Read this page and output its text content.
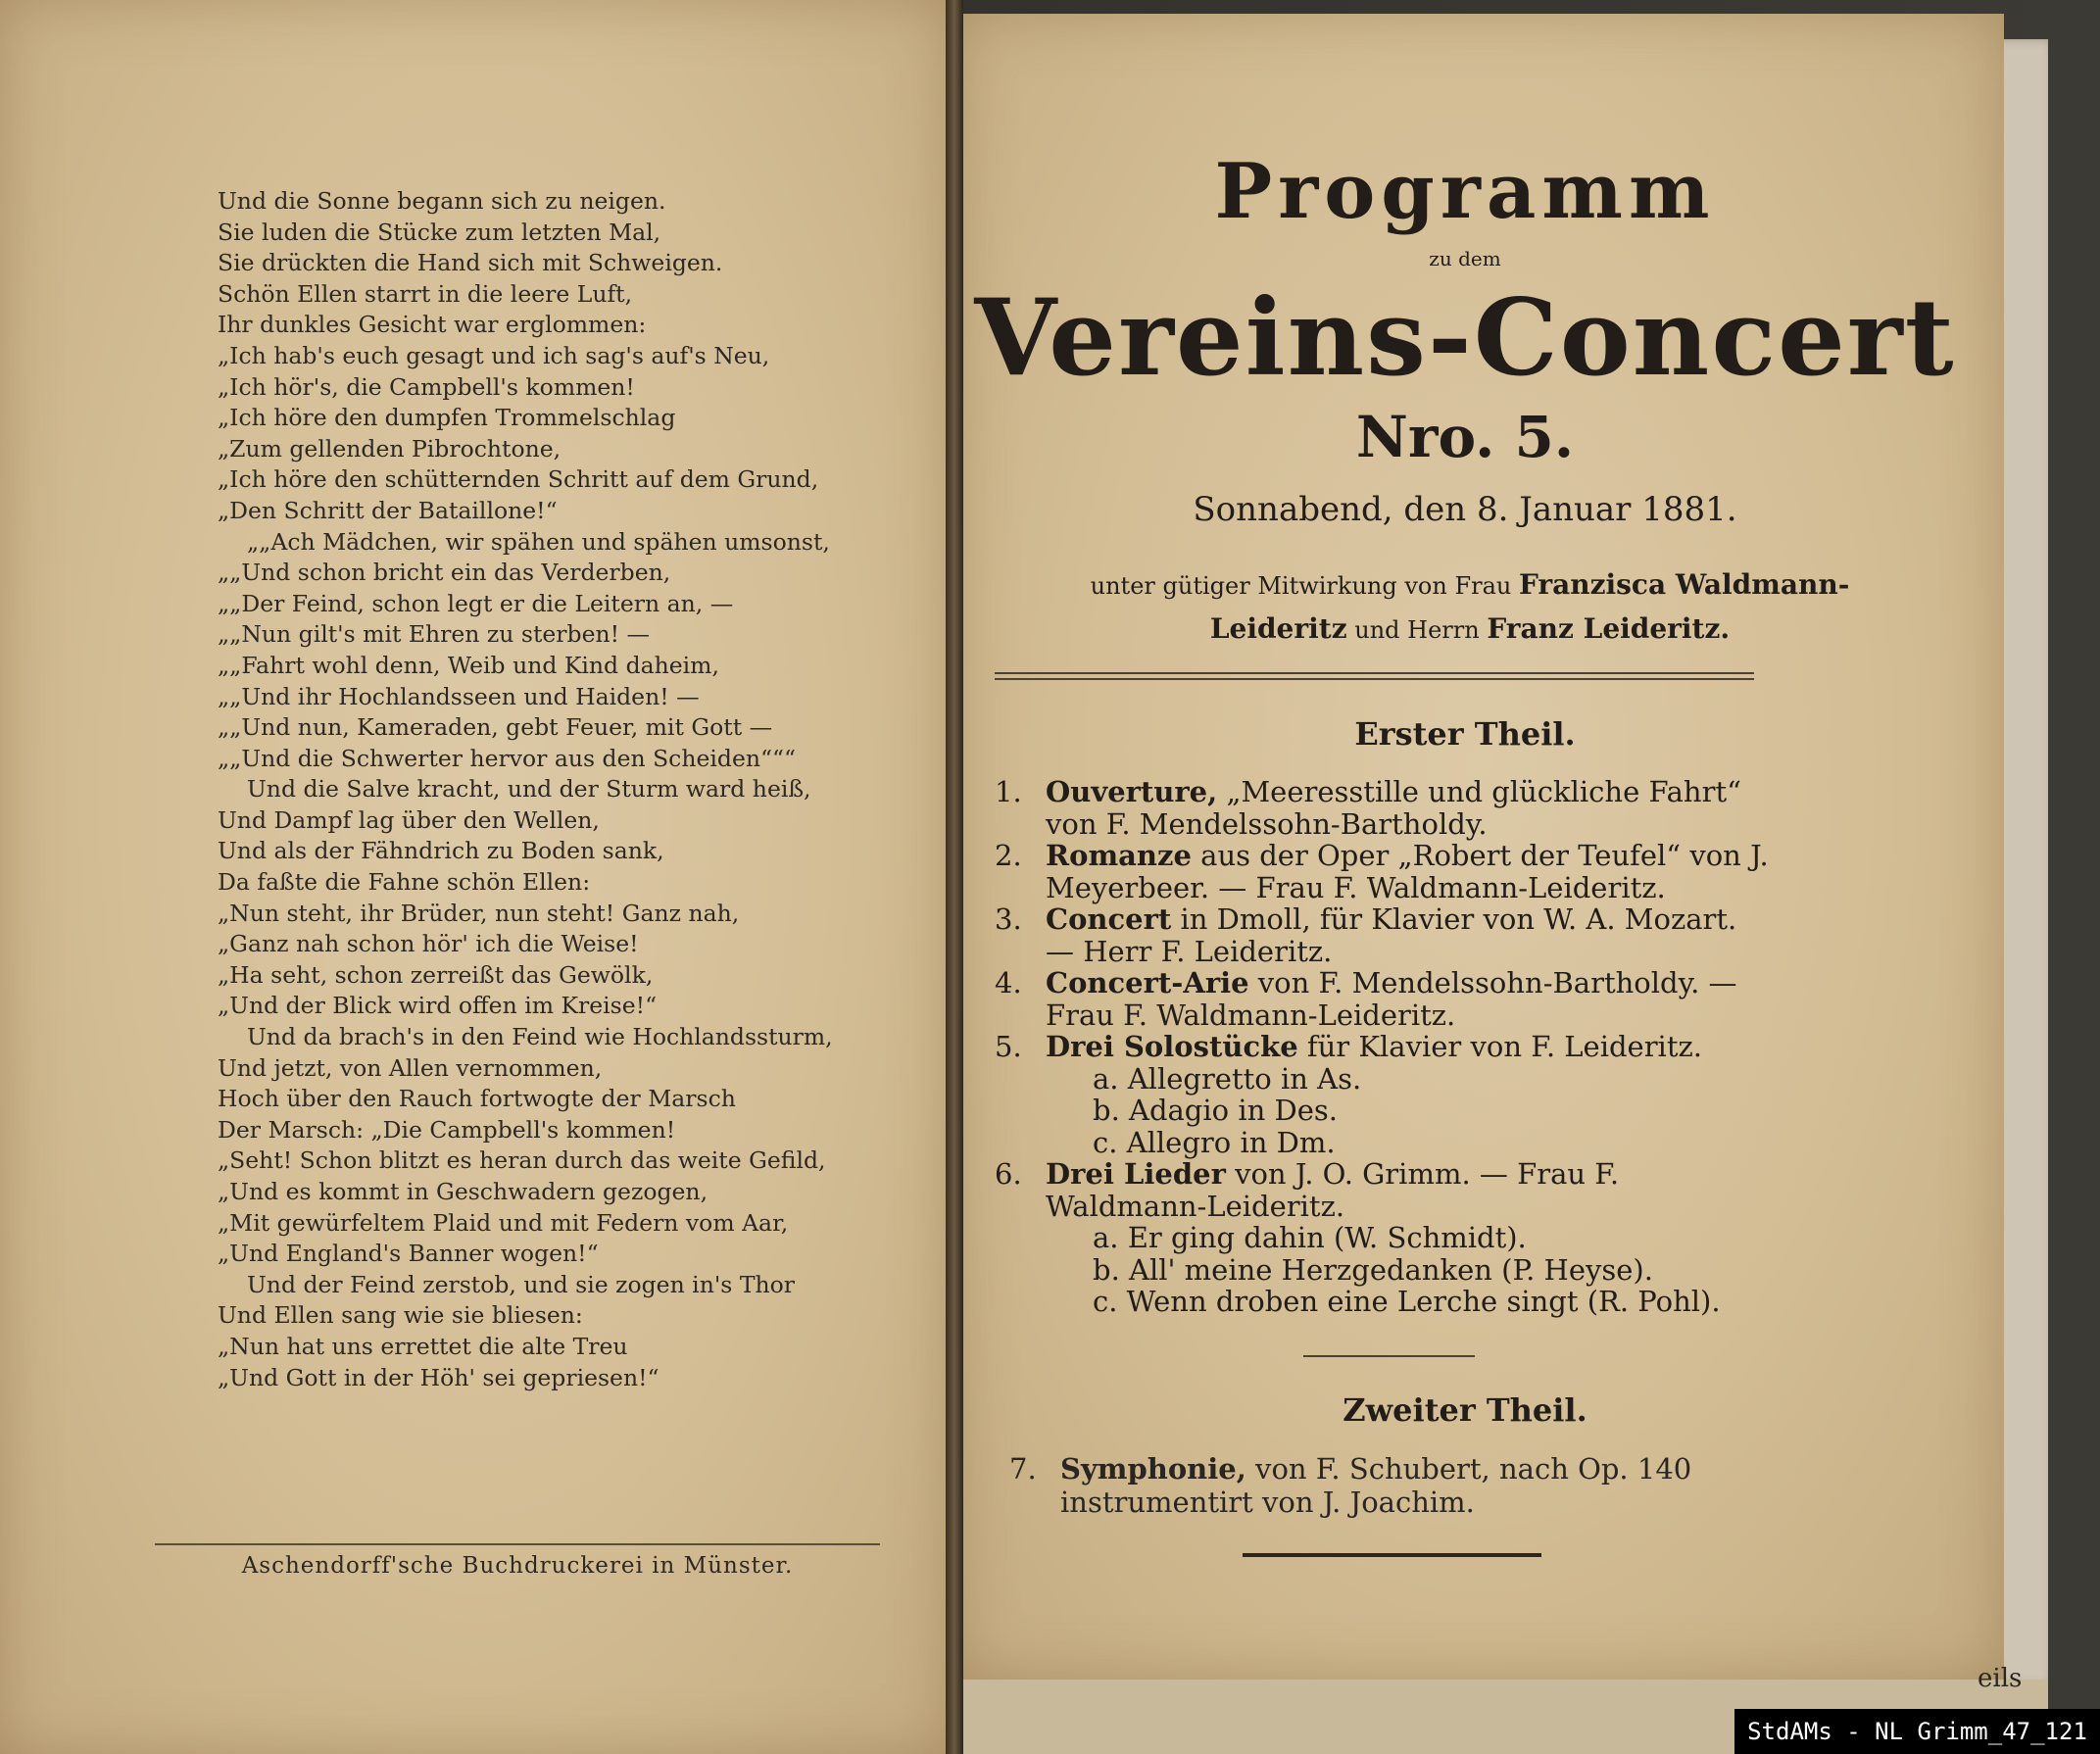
Und die Sonne begann sich zu neigen.
Sie luden die Stücke zum letzten Mal,
Sie drückten die Hand sich mit Schweigen.
Schön Ellen starrt in die leere Luft,
Ihr dunkles Gesicht war erglommen:
„Ich hab's euch gesagt und ich sag's auf's Neu,
„Ich hör's, die Campbell's kommen!
„Ich höre den dumpfen Trommelschlag
„Zum gellenden Pibrochtone,
„Ich höre den schütternden Schritt auf dem Grund,
„Den Schritt der Bataillone!“
„„Ach Mädchen, wir spähen und spähen umsonst,
„„Und schon bricht ein das Verderben,
„„Der Feind, schon legt er die Leitern an, —
„„Nun gilt's mit Ehren zu sterben! —
„„Fahrt wohl denn, Weib und Kind daheim,
„„Und ihr Hochlandsseen und Haiden! —
„„Und nun, Kameraden, gebt Feuer, mit Gott —
„„Und die Schwerter hervor aus den Scheiden“““
Und die Salve kracht, und der Sturm ward heiß,
Und Dampf lag über den Wellen,
Und als der Fähndrich zu Boden sank,
Da faßte die Fahne schön Ellen:
„Nun steht, ihr Brüder, nun steht! Ganz nah,
„Ganz nah schon hör' ich die Weise!
„Ha seht, schon zerreißt das Gewölk,
„Und der Blick wird offen im Kreise!“
Und da brach's in den Feind wie Hochlandssturm,
Und jetzt, von Allen vernommen,
Hoch über den Rauch fortwogte der Marsch
Der Marsch: „Die Campbell's kommen!
„Seht! Schon blitzt es heran durch das weite Gefild,
„Und es kommt in Geschwadern gezogen,
„Mit gewürfeltem Plaid und mit Federn vom Aar,
„Und England's Banner wogen!“
Und der Feind zerstob, und sie zogen in's Thor
Und Ellen sang wie sie bliesen:
„Nun hat uns errettet die alte Treu
„Und Gott in der Höh' sei gepriesen!“
Aschendorff'sche Buchdruckerei in Münster.
Programm
zu dem
Vereins-Concert
Nro. 5.
Sonnabend, den 8. Januar 1881.
unter gütiger Mitwirkung von Frau Franzisca Waldmann-
Leideritz und Herrn Franz Leideritz.
Erster Theil.
1. Ouverture, „Meeresstille und glückliche Fahrt“ von F. Mendelssohn-Bartholdy.
2. Romanze aus der Oper „Robert der Teufel“ von J. Meyerbeer. — Frau F. Waldmann-Leideritz.
3. Concert in Dmoll, für Klavier von W. A. Mozart. — Herr F. Leideritz.
4. Concert-Arie von F. Mendelssohn-Bartholdy. — Frau F. Waldmann-Leideritz.
5. Drei Solostücke für Klavier von F. Leideritz.
a. Allegretto in As.
b. Adagio in Des.
c. Allegro in Dm.
6. Drei Lieder von J. O. Grimm. — Frau F. Waldmann-Leideritz.
a. Er ging dahin (W. Schmidt).
b. All' meine Herzgedanken (P. Heyse).
c. Wenn droben eine Lerche singt (R. Pohl).
Zweiter Theil.
7. Symphonie, von F. Schubert, nach Op. 140 instrumentirt von J. Joachim.
eils
StdAMs - NL Grimm_47_121
